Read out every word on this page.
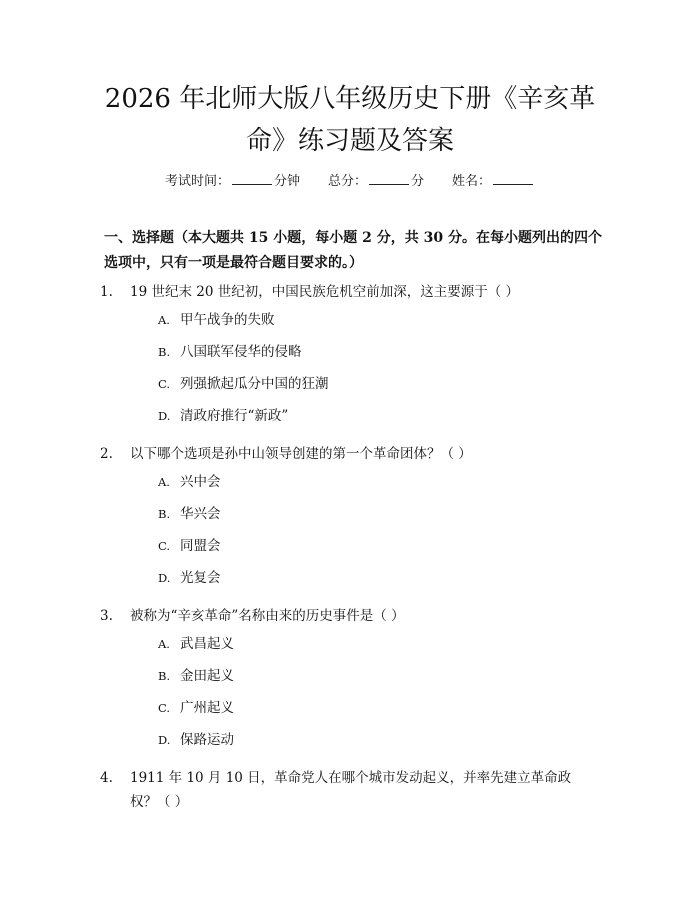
2026 年北师大版八年级历史下册《辛亥革
命》练习题及答案
考试时间：	分钟 总分：	分 姓名：
一、选择题（本大题共 15 小题，每小题 2 分，共 30 分。在每小题列出的四个选项中，只有一项是最符合题目要求的。）
1. 19 世纪末 20 世纪初，中国民族危机空前加深，这主要源于（ ）
A. 甲午战争的失败
B. 八国联军侵华的侵略
C. 列强掀起瓜分中国的狂潮
D. 清政府推行“新政”
2. 以下哪个选项是孙中山领导创建的第一个革命团体？（ ）
A. 兴中会
B. 华兴会
C. 同盟会
D. 光复会
3. 被称为“辛亥革命”名称由来的历史事件是（ ）
A. 武昌起义
B. 金田起义
C. 广州起义
D. 保路运动
4. 1911 年 10 月 10 日，革命党人在哪个城市发动起义，并率先建立革命政权？（ ）
